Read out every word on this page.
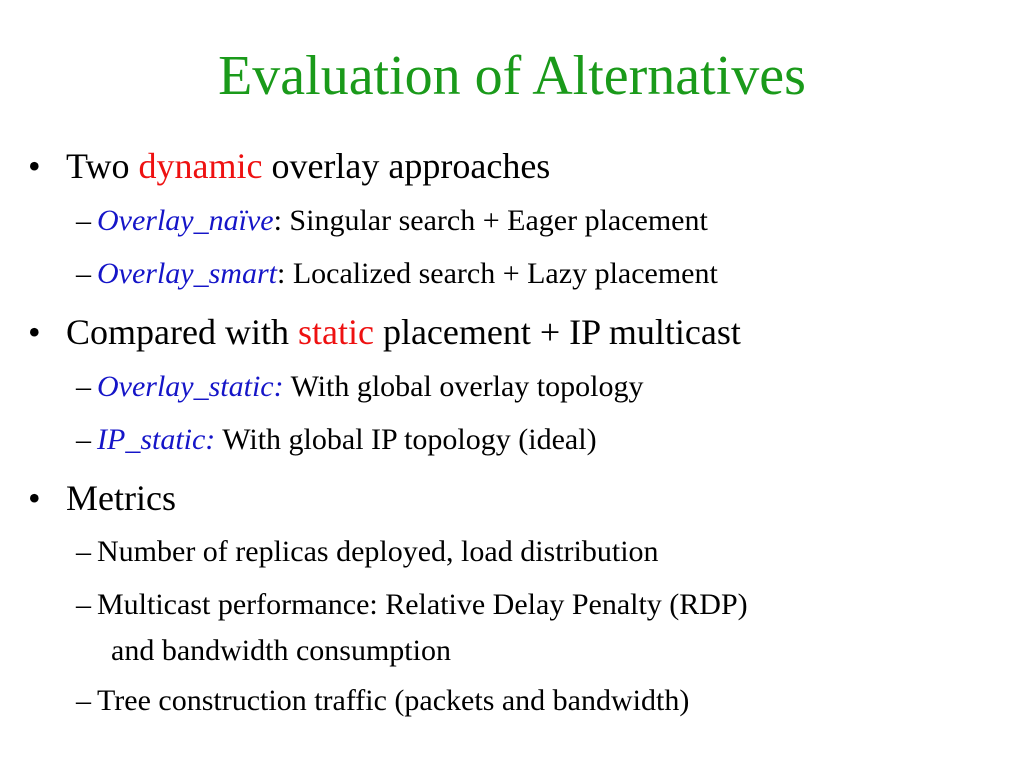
Evaluation of Alternatives
• Two dynamic overlay approaches
– Overlay_naïve: Singular search + Eager placement
– Overlay_smart: Localized search + Lazy placement
• Compared with static placement + IP multicast
– Overlay_static: With global overlay topology
– IP_static: With global IP topology (ideal)
• Metrics
– Number of replicas deployed, load distribution
– Multicast performance: Relative Delay Penalty (RDP)
and bandwidth consumption
– Tree construction traffic (packets and bandwidth)
